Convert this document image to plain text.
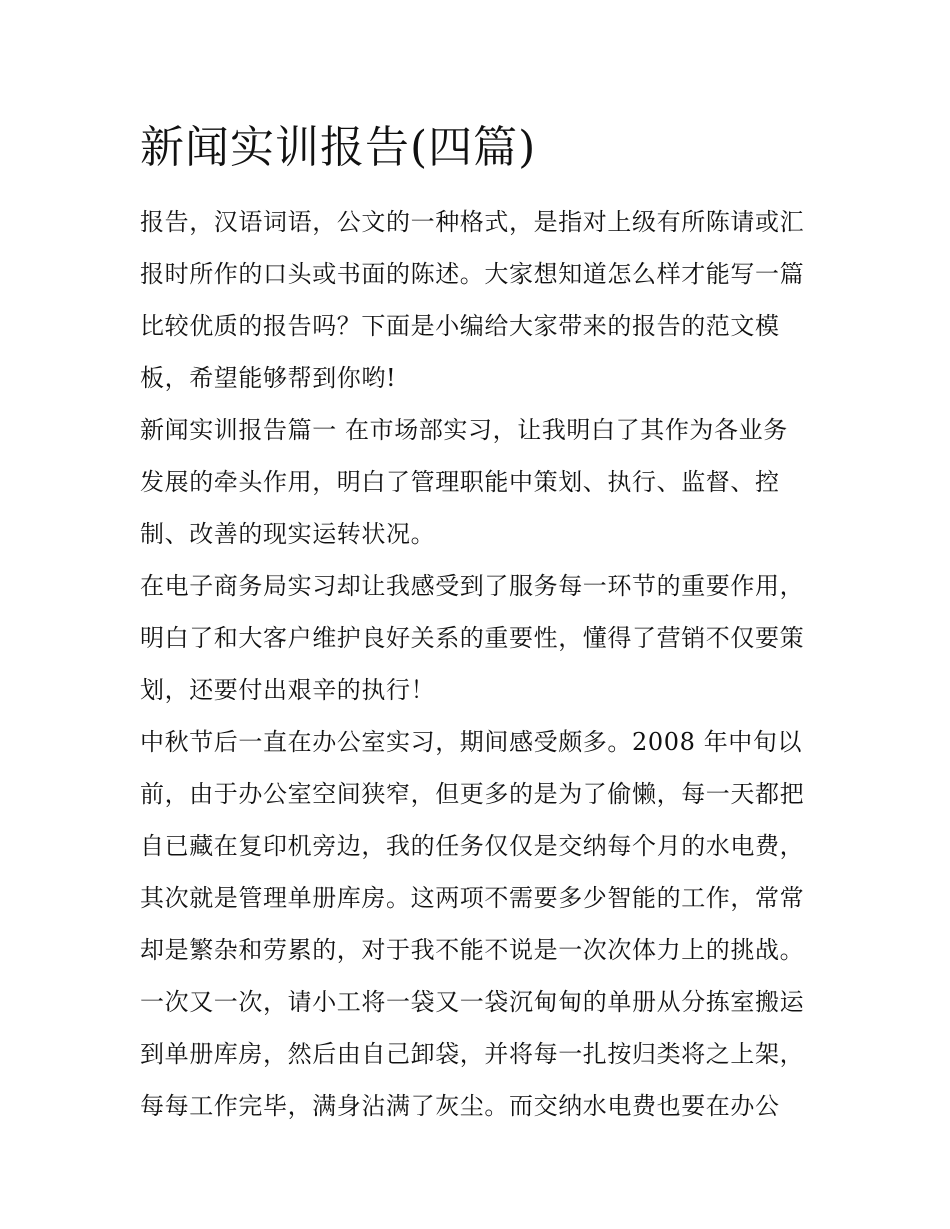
新闻实训报告(四篇)

报告，汉语词语，公文的一种格式，是指对上级有所陈请或汇
报时所作的口头或书面的陈述。大家想知道怎么样才能写一篇
比较优质的报告吗？下面是小编给大家带来的报告的范文模
板，希望能够帮到你哟!

新闻实训报告篇一 在市场部实习，让我明白了其作为各业务
发展的牵头作用，明白了管理职能中策划、执行、监督、控
制、改善的现实运转状况。

在电子商务局实习却让我感受到了服务每一环节的重要作用，
明白了和大客户维护良好关系的重要性，懂得了营销不仅要策
划，还要付出艰辛的执行！

中秋节后一直在办公室实习，期间感受颇多。2008 年中旬以
前，由于办公室空间狭窄，但更多的是为了偷懒，每一天都把
自已藏在复印机旁边，我的任务仅仅是交纳每个月的水电费，
其次就是管理单册库房。这两项不需要多少智能的工作，常常
却是繁杂和劳累的，对于我不能不说是一次次体力上的挑战。
一次又一次，请小工将一袋又一袋沉甸甸的单册从分拣室搬运
到单册库房，然后由自己卸袋，并将每一扎按归类将之上架，
每每工作完毕，满身沾满了灰尘。而交纳水电费也要在办公
